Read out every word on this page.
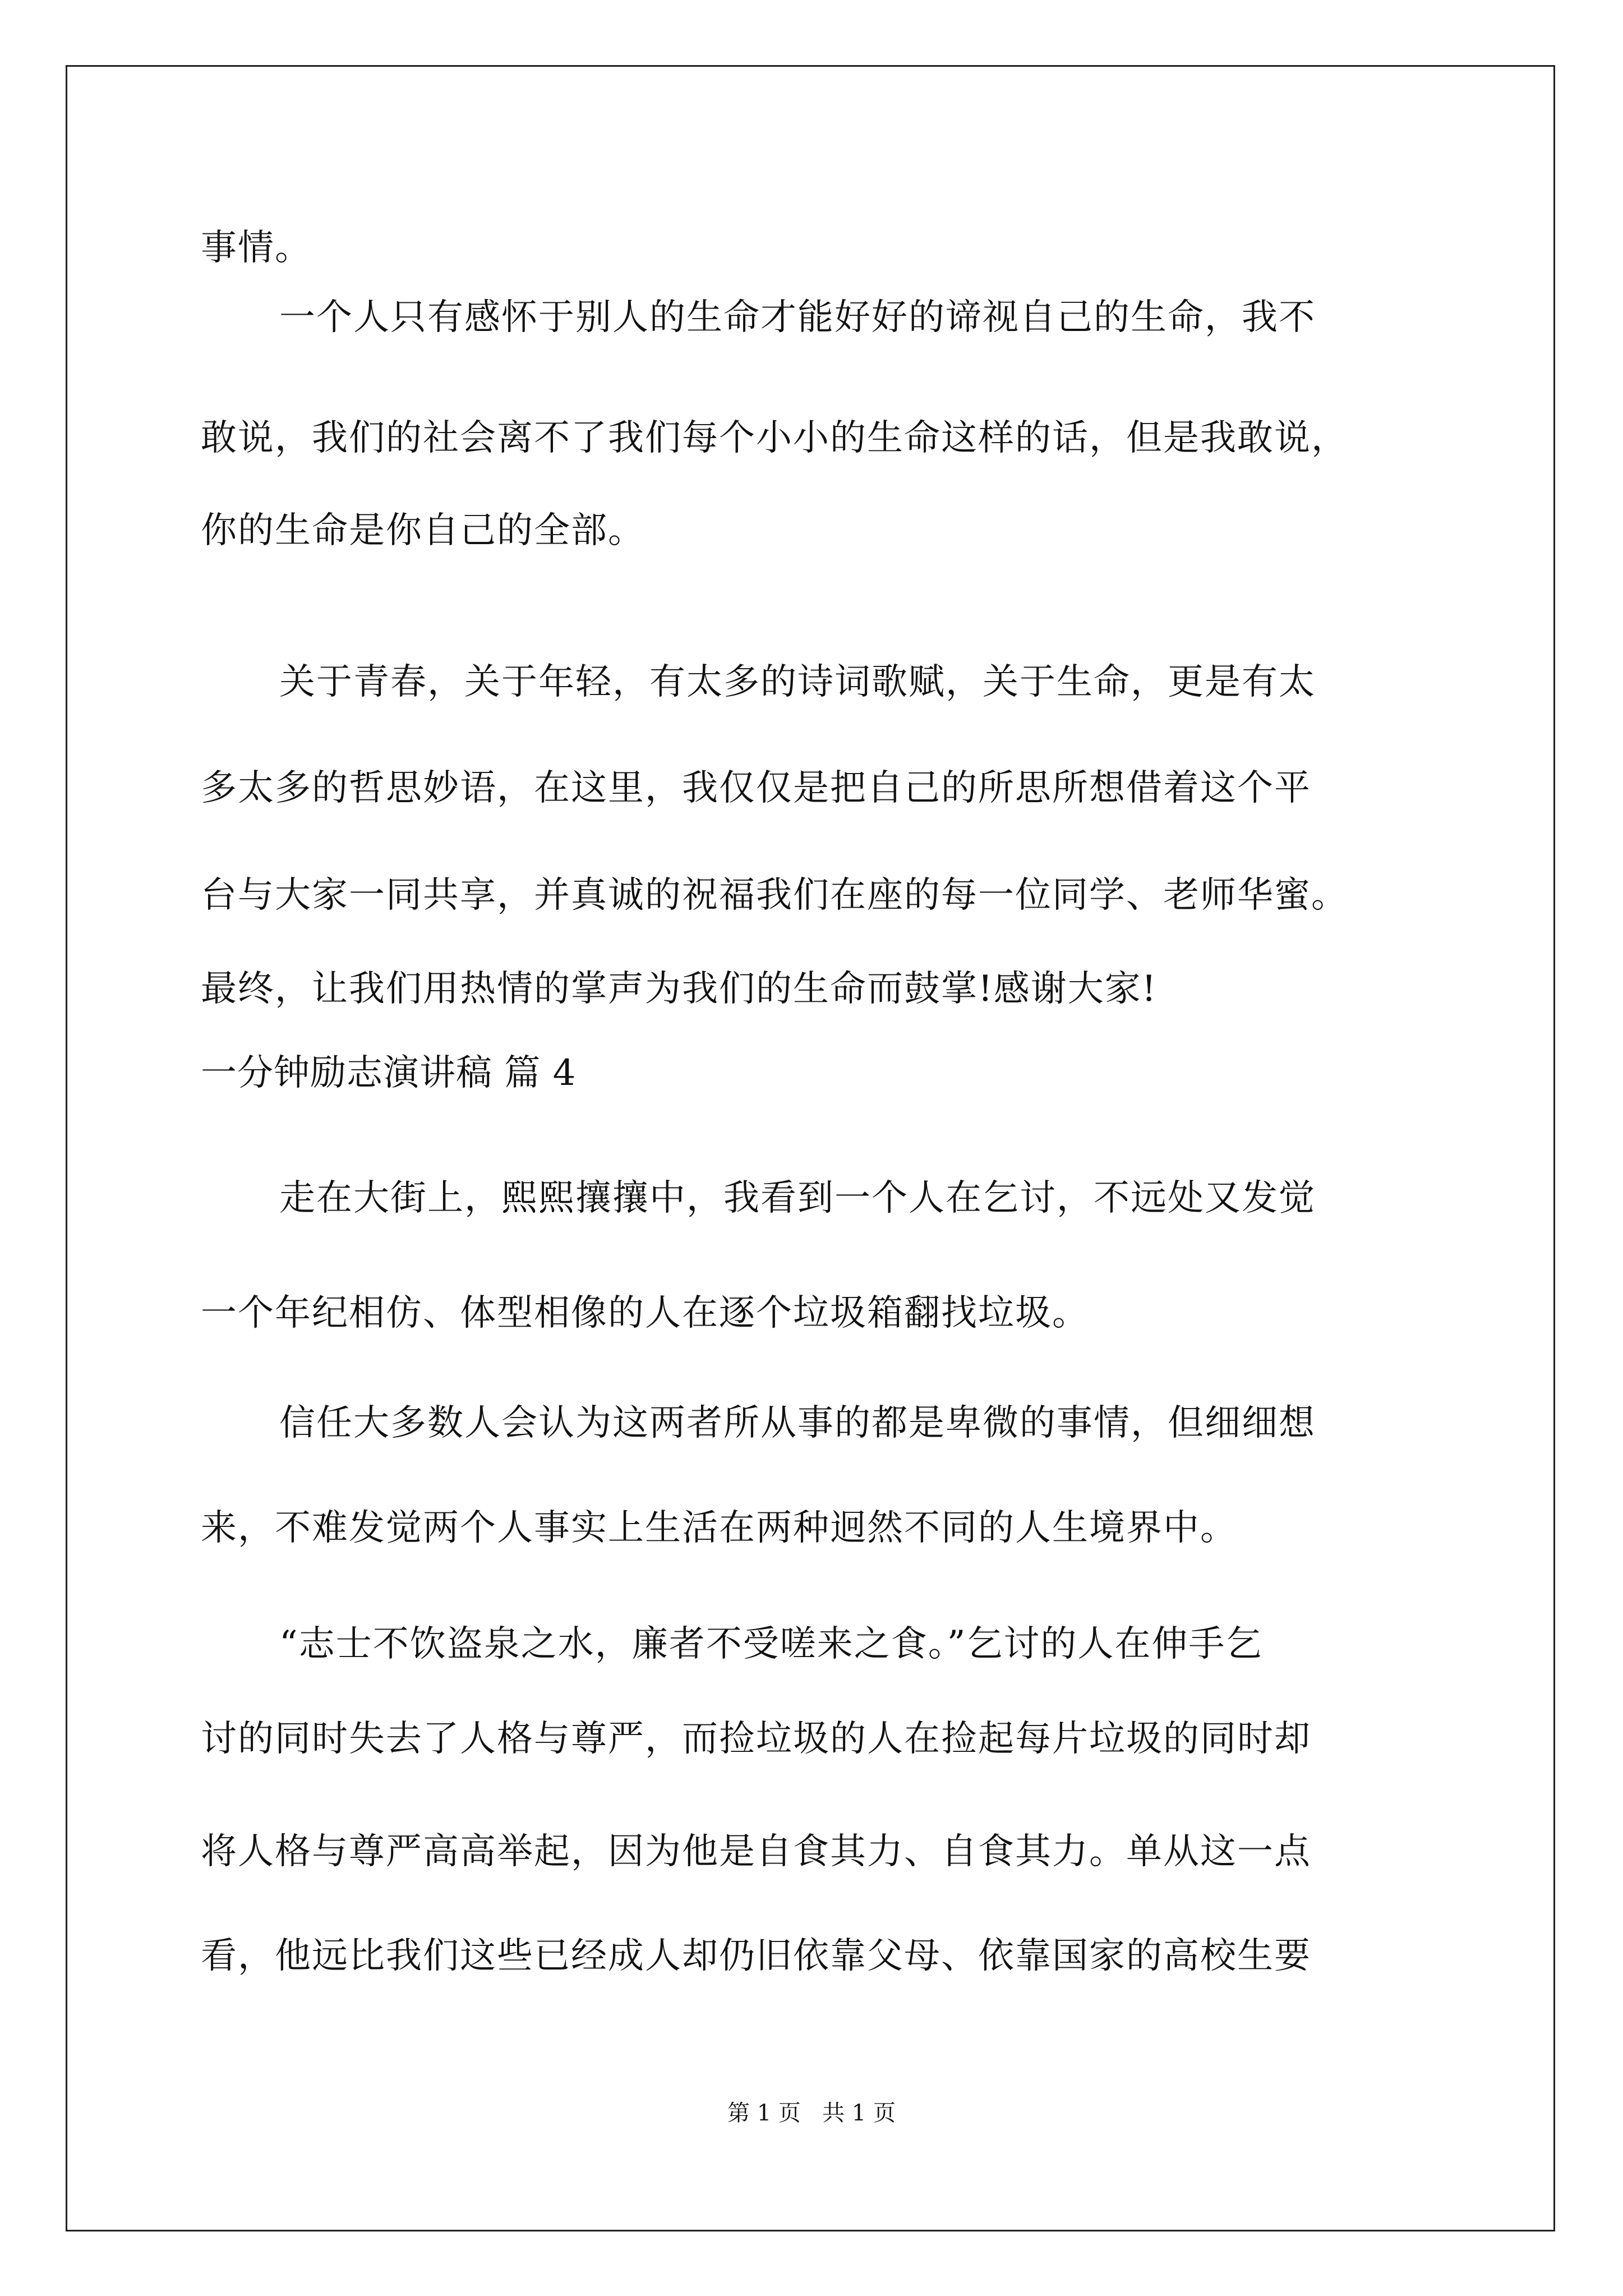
事情。
一个人只有感怀于别人的生命才能好好的谛视自己的生命，我不
敢说，我们的社会离不了我们每个小小的生命这样的话，但是我敢说，
你的生命是你自己的全部。
关于青春，关于年轻，有太多的诗词歌赋，关于生命，更是有太
多太多的哲思妙语，在这里，我仅仅是把自己的所思所想借着这个平
台与大家一同共享，并真诚的祝福我们在座的每一位同学、老师华蜜。
最终，让我们用热情的掌声为我们的生命而鼓掌!感谢大家!
一分钟励志演讲稿 篇 4
走在大街上，熙熙攘攘中，我看到一个人在乞讨，不远处又发觉
一个年纪相仿、体型相像的人在逐个垃圾箱翻找垃圾。
信任大多数人会认为这两者所从事的都是卑微的事情，但细细想
来，不难发觉两个人事实上生活在两种迥然不同的人生境界中。
“志士不饮盗泉之水，廉者不受嗟来之食。”乞讨的人在伸手乞
讨的同时失去了人格与尊严，而捡垃圾的人在捡起每片垃圾的同时却
将人格与尊严高高举起，因为他是自食其力、自食其力。单从这一点
看，他远比我们这些已经成人却仍旧依靠父母、依靠国家的高校生要
第 1 页   共 1 页
